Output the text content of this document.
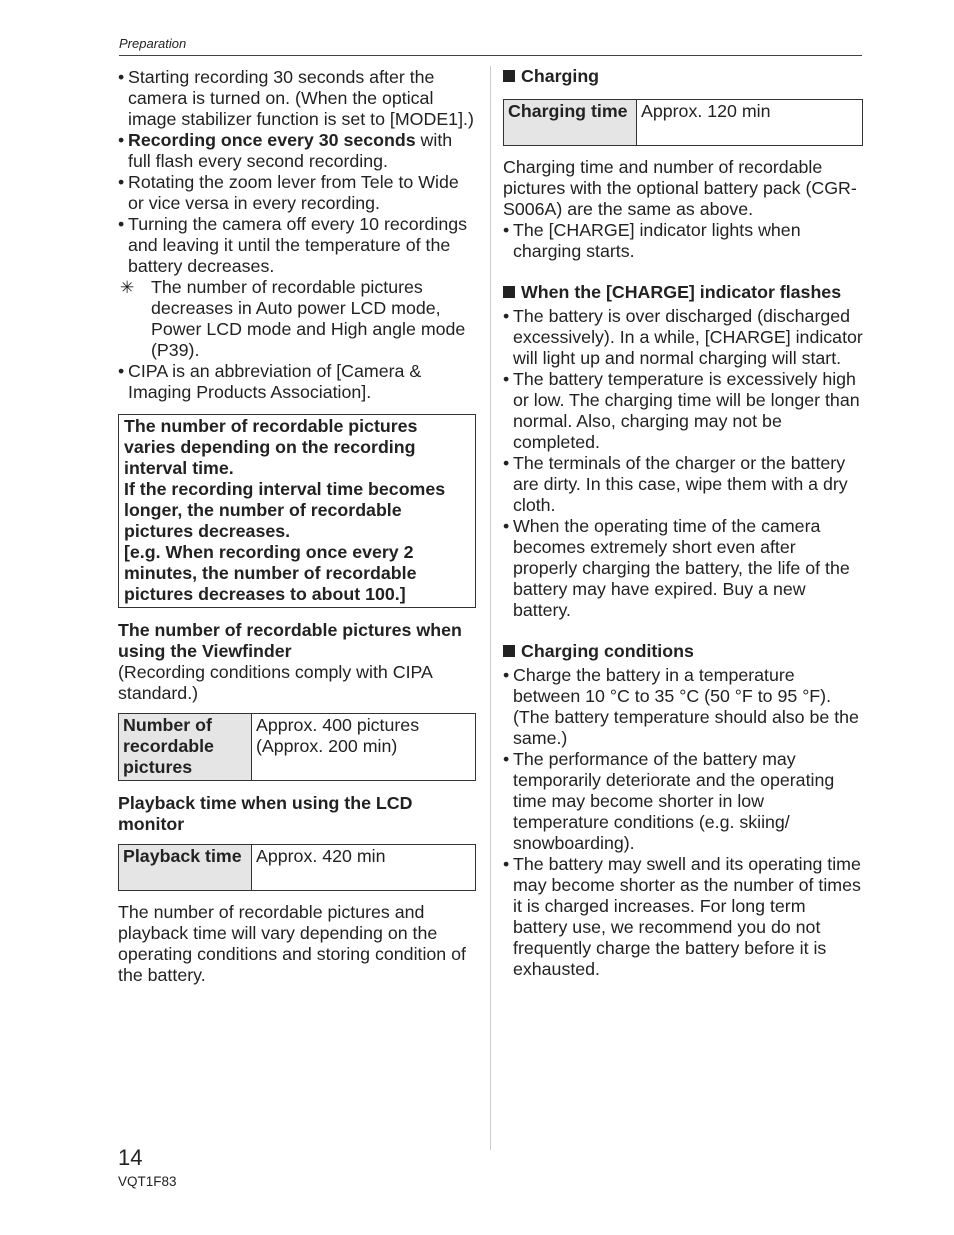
Preparation
• Starting recording 30 seconds after the camera is turned on. (When the optical image stabilizer function is set to [MODE1].)
• Recording once every 30 seconds with full flash every second recording.
• Rotating the zoom lever from Tele to Wide or vice versa in every recording.
• Turning the camera off every 10 recordings and leaving it until the temperature of the battery decreases.
✳ The number of recordable pictures decreases in Auto power LCD mode, Power LCD mode and High angle mode (P39).
• CIPA is an abbreviation of [Camera & Imaging Products Association].
The number of recordable pictures varies depending on the recording interval time.
If the recording interval time becomes longer, the number of recordable pictures decreases.
[e.g. When recording once every 2 minutes, the number of recordable pictures decreases to about 100.]
The number of recordable pictures when using the Viewfinder
(Recording conditions comply with CIPA standard.)
Number of recordable pictures	Approx. 400 pictures (Approx. 200 min)
Playback time when using the LCD monitor
Playback time	Approx. 420 min
The number of recordable pictures and playback time will vary depending on the operating conditions and storing condition of the battery.
Charging
Charging time	Approx. 120 min
Charging time and number of recordable pictures with the optional battery pack (CGR-S006A) are the same as above.
• The [CHARGE] indicator lights when charging starts.
When the [CHARGE] indicator flashes
• The battery is over discharged (discharged excessively). In a while, [CHARGE] indicator will light up and normal charging will start.
• The battery temperature is excessively high or low. The charging time will be longer than normal. Also, charging may not be completed.
• The terminals of the charger or the battery are dirty. In this case, wipe them with a dry cloth.
• When the operating time of the camera becomes extremely short even after properly charging the battery, the life of the battery may have expired. Buy a new battery.
Charging conditions
• Charge the battery in a temperature between 10 °C to 35 °C (50 °F to 95 °F). (The battery temperature should also be the same.)
• The performance of the battery may temporarily deteriorate and the operating time may become shorter in low temperature conditions (e.g. skiing/ snowboarding).
• The battery may swell and its operating time may become shorter as the number of times it is charged increases. For long term battery use, we recommend you do not frequently charge the battery before it is exhausted.
14
VQT1F83
